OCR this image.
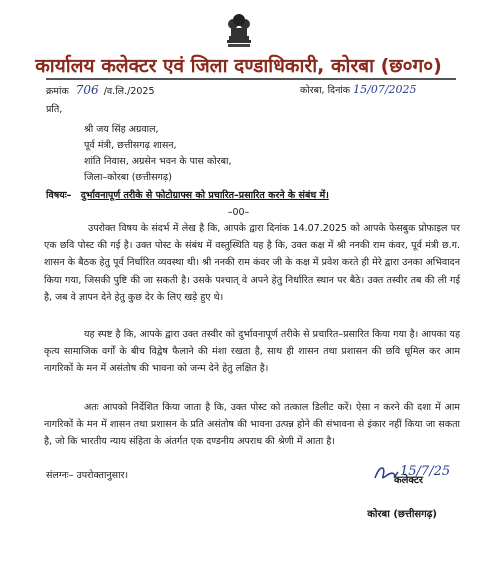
कार्यालय कलेक्टर एवं जिला दण्डाधिकारी, कोरबा (छ०ग०)
क्रमांक 706 /व.लि./2025	कोरबा, दिनांक 15/07/2025
प्रति,
श्री जय सिंह अग्रवाल,
पूर्व मंत्री, छत्तीसगढ़ शासन,
शांति निवास, अग्रसेन भवन के पास कोरबा,
जिला–कोरबा (छत्तीसगढ़)
विषयः– दुर्भावनापूर्ण तरीके से फोटोग्राफ्स को प्रचारित–प्रसारित करने के संबंध में।
–00–
उपरोक्त विषय के संदर्भ में लेख है कि, आपके द्वारा दिनांक 14.07.2025 को आपके फेसबुक प्रोफाइल पर एक छवि पोस्ट की गई है। उक्त पोस्ट के संबंध में वस्तुस्थिति यह है कि, उक्त कक्ष में श्री ननकी राम कंवर, पूर्व मंत्री छ.ग. शासन के बैठक हेतु पूर्व निर्धारित व्यवस्था थी। श्री ननकी राम कंवर जी के कक्ष में प्रवेश करते ही मेरे द्वारा उनका अभिवादन किया गया, जिसकी पुष्टि की जा सकती है। उसके पश्चात् वे अपने हेतु निर्धारित स्थान पर बैठे। उक्त तस्वीर तब की ली गई है, जब वे ज्ञापन देने हेतु कुछ देर के लिए खड़े हुए थे।
यह स्पष्ट है कि, आपके द्वारा उक्त तस्वीर को दुर्भावनापूर्ण तरीके से प्रचारित–प्रसारित किया गया है। आपका यह कृत्य सामाजिक वर्गों के बीच विद्वेष फैलाने की मंशा रखता है, साथ ही शासन तथा प्रशासन की छवि धूमिल कर आम नागरिकों के मन में असंतोष की भावना को जन्म देने हेतु लक्षित है।
अतः आपको निर्देशित किया जाता है कि, उक्त पोस्ट को तत्काल डिलीट करें। ऐसा न करने की दशा में आम नागरिकों के मन में शासन तथा प्रशासन के प्रति असंतोष की भावना उत्पन्न होने की संभावना से इंकार नहीं किया जा सकता है, जो कि भारतीय न्याय संहिता के अंतर्गत एक दण्डनीय अपराध की श्रेणी में आता है।
संलग्नः– उपरोक्तानुसार।	15/7/25
कलेक्टर
कोरबा (छत्तीसगढ़)
